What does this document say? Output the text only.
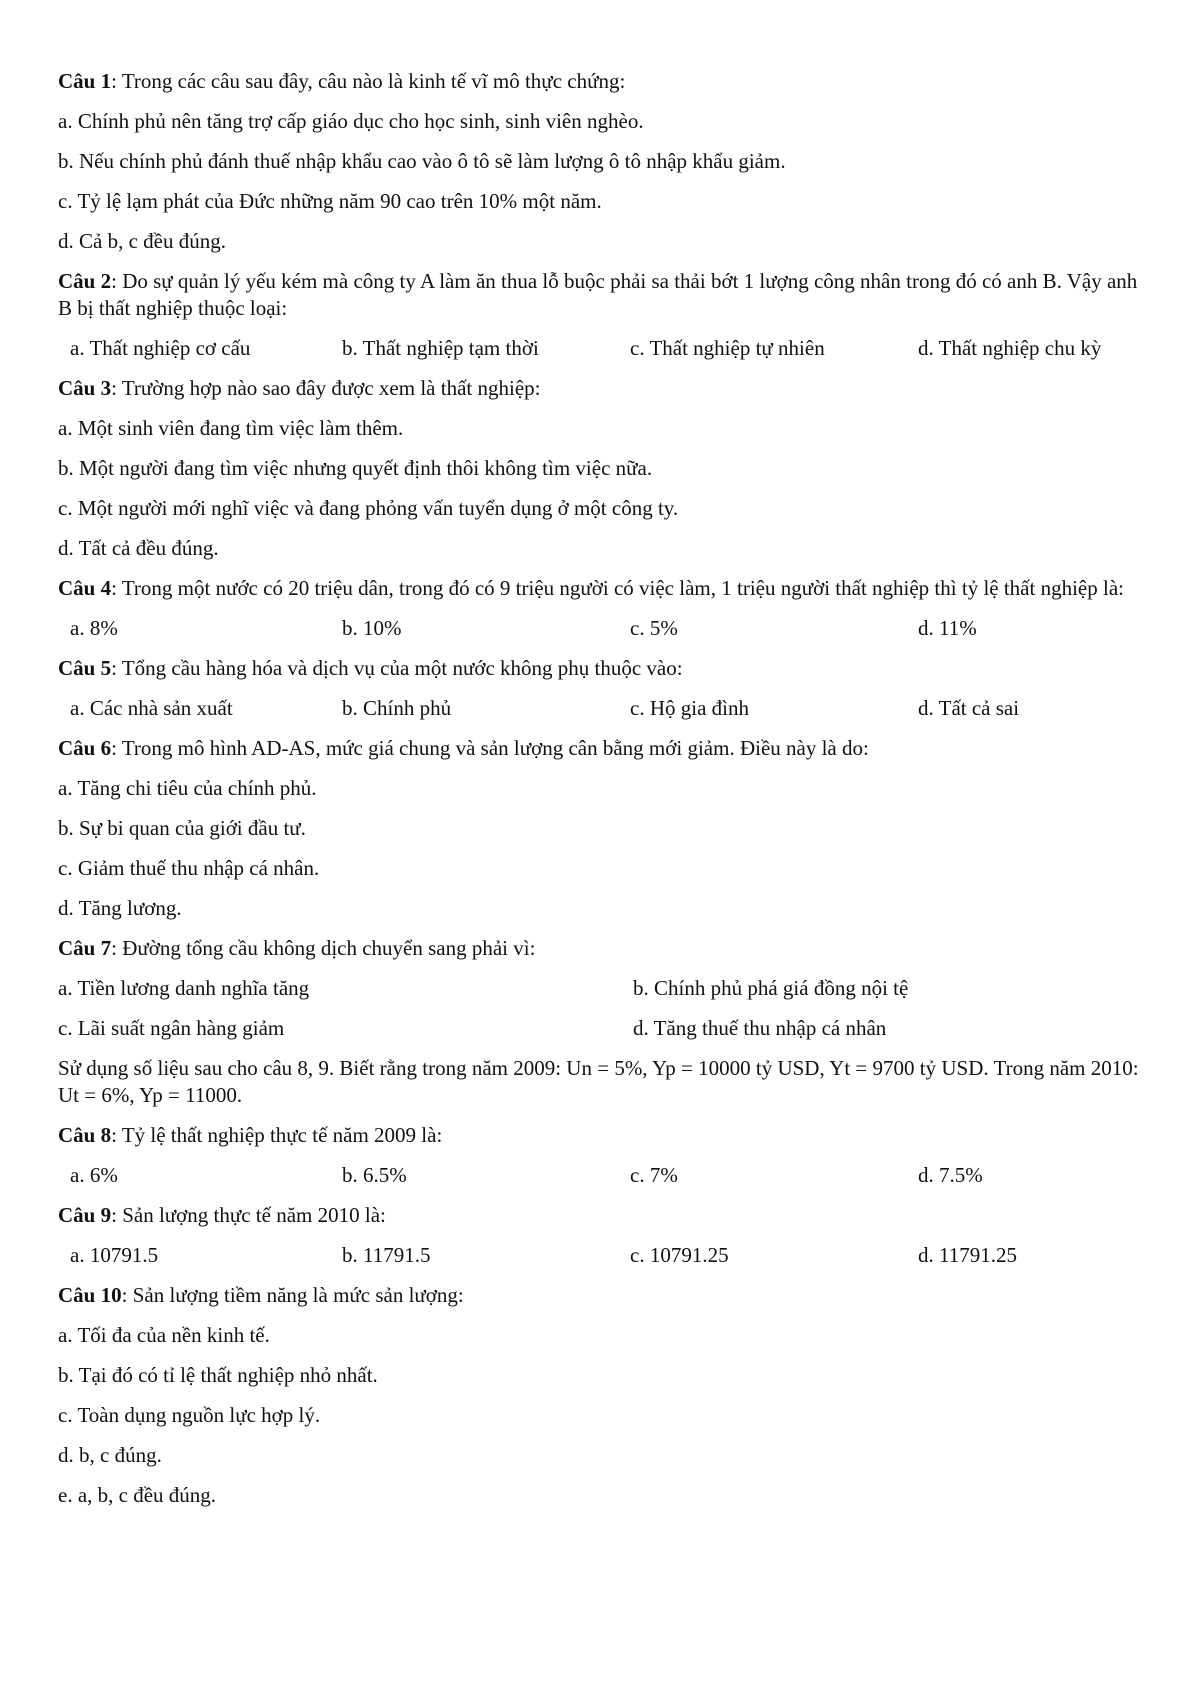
Câu 1: Trong các câu sau đây, câu nào là kinh tế vĩ mô thực chứng:
a. Chính phủ nên tăng trợ cấp giáo dục cho học sinh, sinh viên nghèo.
b. Nếu chính phủ đánh thuế nhập khẩu cao vào ô tô sẽ làm lượng ô tô nhập khẩu giảm.
c. Tỷ lệ lạm phát của Đức những năm 90 cao trên 10% một năm.
d. Cả b, c đều đúng.
Câu 2: Do sự quản lý yếu kém mà công ty A làm ăn thua lỗ buộc phải sa thải bớt 1 lượng công nhân trong đó có anh B. Vậy anh B bị thất nghiệp thuộc loại:
a. Thất nghiệp cơ cấu	b. Thất nghiệp tạm thời	c. Thất nghiệp tự nhiên	d. Thất nghiệp chu kỳ
Câu 3: Trường hợp nào sao đây được xem là thất nghiệp:
a. Một sinh viên đang tìm việc làm thêm.
b. Một người đang tìm việc nhưng quyết định thôi không tìm việc nữa.
c. Một người mới nghĩ việc và đang phỏng vấn tuyển dụng ở một công ty.
d. Tất cả đều đúng.
Câu 4: Trong một nước có 20 triệu dân, trong đó có 9 triệu người có việc làm, 1 triệu người thất nghiệp thì tỷ lệ thất nghiệp là:
a. 8%	b. 10%	c. 5%	d. 11%
Câu 5: Tổng cầu hàng hóa và dịch vụ của một nước không phụ thuộc vào:
a. Các nhà sản xuất	b. Chính phủ	c. Hộ gia đình	d. Tất cả sai
Câu 6: Trong mô hình AD-AS, mức giá chung và sản lượng cân bằng mới giảm. Điều này là do:
a. Tăng chi tiêu của chính phủ.
b. Sự bi quan của giới đầu tư.
c. Giảm thuế thu nhập cá nhân.
d. Tăng lương.
Câu 7: Đường tổng cầu không dịch chuyển sang phải vì:
a. Tiền lương danh nghĩa tăng	b. Chính phủ phá giá đồng nội tệ
c. Lãi suất ngân hàng giảm	d. Tăng thuế thu nhập cá nhân
Sử dụng số liệu sau cho câu 8, 9. Biết rằng trong năm 2009: Un = 5%, Yp = 10000 tỷ USD, Yt = 9700 tỷ USD. Trong năm 2010: Ut = 6%, Yp = 11000.
Câu 8: Tỷ lệ thất nghiệp thực tế năm 2009 là:
a. 6%	b. 6.5%	c. 7%	d. 7.5%
Câu 9: Sản lượng thực tế năm 2010 là:
a. 10791.5	b. 11791.5	c. 10791.25	d. 11791.25
Câu 10: Sản lượng tiềm năng là mức sản lượng:
a. Tối đa của nền kinh tế.
b. Tại đó có tỉ lệ thất nghiệp nhỏ nhất.
c. Toàn dụng nguồn lực hợp lý.
d. b, c đúng.
e. a, b, c đều đúng.
